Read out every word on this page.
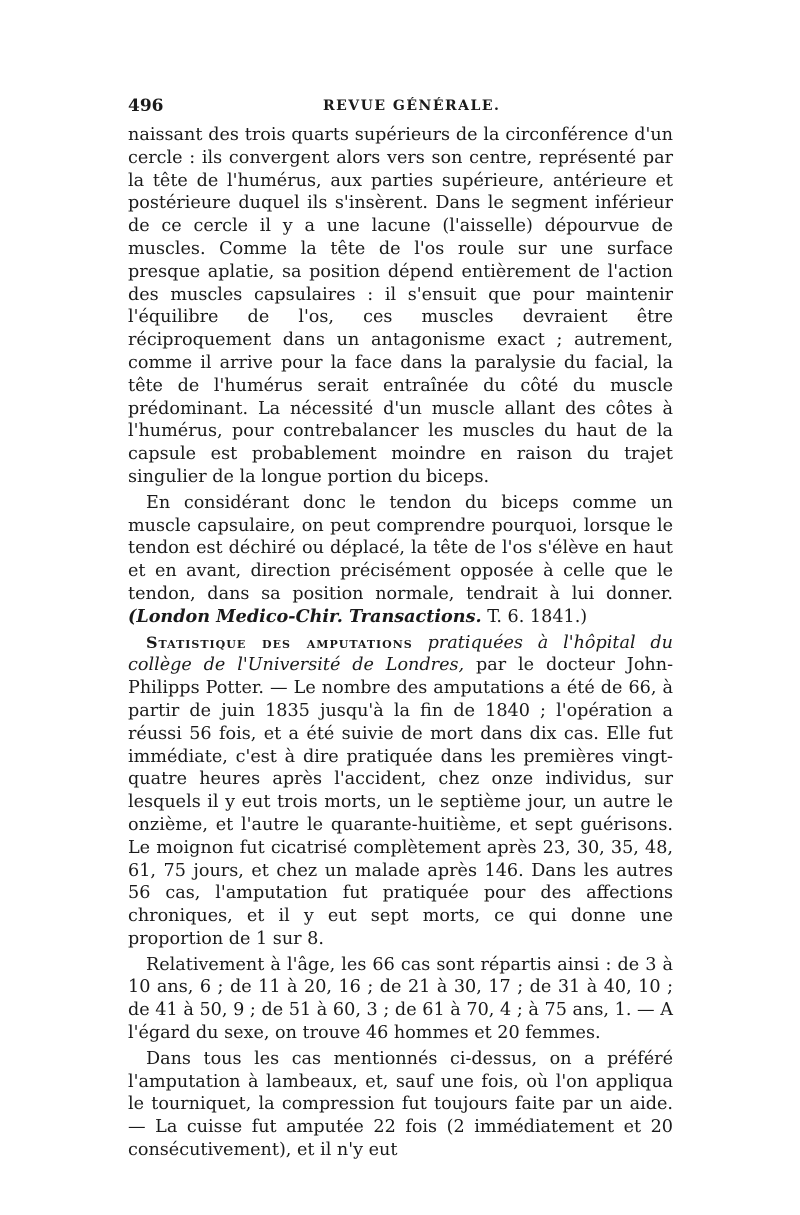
496	REVUE GÉNÉRALE.

naissant des trois quarts supérieurs de la circonférence d'un cercle : ils convergent alors vers son centre, représenté par la tête de l'humérus, aux parties supérieure, antérieure et postérieure duquel ils s'insèrent. Dans le segment inférieur de ce cercle il y a une lacune (l'aisselle) dépourvue de muscles. Comme la tête de l'os roule sur une surface presque aplatie, sa position dépend entièrement de l'action des muscles capsulaires : il s'ensuit que pour maintenir l'équilibre de l'os, ces muscles devraient être réciproquement dans un antagonisme exact ; autrement, comme il arrive pour la face dans la paralysie du facial, la tête de l'humérus serait entraînée du côté du muscle prédominant. La nécessité d'un muscle allant des côtes à l'humérus, pour contrebalancer les muscles du haut de la capsule est probablement moindre en raison du trajet singulier de la longue portion du biceps.

En considérant donc le tendon du biceps comme un muscle capsulaire, on peut comprendre pourquoi, lorsque le tendon est déchiré ou déplacé, la tête de l'os s'élève en haut et en avant, direction précisément opposée à celle que le tendon, dans sa position normale, tendrait à lui donner. (London Medico-Chir. Transactions. T. 6. 1841.)

Statistique des amputations pratiquées à l'hôpital du collège de l'Université de Londres, par le docteur John-Philipps Potter. — Le nombre des amputations a été de 66, à partir de juin 1835 jusqu'à la fin de 1840 ; l'opération a réussi 56 fois, et a été suivie de mort dans dix cas. Elle fut immédiate, c'est à dire pratiquée dans les premières vingt-quatre heures après l'accident, chez onze individus, sur lesquels il y eut trois morts, un le septième jour, un autre le onzième, et l'autre le quarante-huitième, et sept guérisons. Le moignon fut cicatrisé complètement après 23, 30, 35, 48, 61, 75 jours, et chez un malade après 146. Dans les autres 56 cas, l'amputation fut pratiquée pour des affections chroniques, et il y eut sept morts, ce qui donne une proportion de 1 sur 8.

Relativement à l'âge, les 66 cas sont répartis ainsi : de 3 à 10 ans, 6 ; de 11 à 20, 16 ; de 21 à 30, 17 ; de 31 à 40, 10 ; de 41 à 50, 9 ; de 51 à 60, 3 ; de 61 à 70, 4 ; à 75 ans, 1. — A l'égard du sexe, on trouve 46 hommes et 20 femmes.

Dans tous les cas mentionnés ci-dessus, on a préféré l'amputation à lambeaux, et, sauf une fois, où l'on appliqua le tourniquet, la compression fut toujours faite par un aide. — La cuisse fut amputée 22 fois (2 immédiatement et 20 consécutivement), et il n'y eut
